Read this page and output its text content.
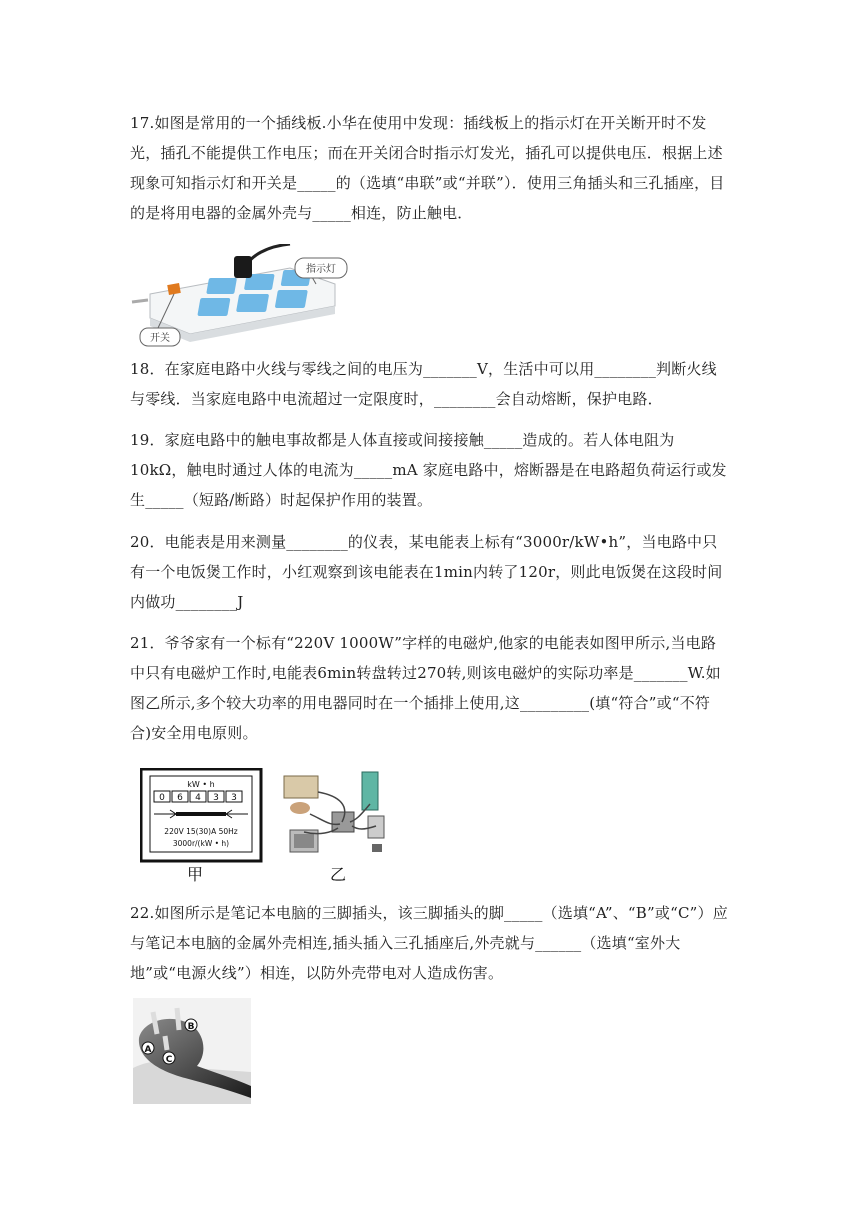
17.如图是常用的一个插线板.小华在使用中发现：插线板上的指示灯在开关断开时不发光，插孔不能提供工作电压；而在开关闭合时指示灯发光，插孔可以提供电压．根据上述现象可知指示灯和开关是_____的（选填“串联”或“并联”）．使用三角插头和三孔插座，目的是将用电器的金属外壳与_____相连，防止触电．
指示灯
开关
18．在家庭电路中火线与零线之间的电压为_______V，生活中可以用________判断火线与零线．当家庭电路中电流超过一定限度时，________会自动熔断，保护电路．
19．家庭电路中的触电事故都是人体直接或间接接触_____造成的。若人体电阻为10kΩ，触电时通过人体的电流为_____mA 家庭电路中，熔断器是在电路超负荷运行或发生_____（短路/断路）时起保护作用的装置。
20．电能表是用来测量________的仪表，某电能表上标有“3000r/kW•h”，当电路中只有一个电饭煲工作时，小红观察到该电能表在1min内转了120r，则此电饭煲在这段时间内做功________J
21．爷爷家有一个标有“220V 1000W”字样的电磁炉,他家的电能表如图甲所示,当电路中只有电磁炉工作时,电能表6min转盘转过270转,则该电磁炉的实际功率是_______W.如图乙所示,多个较大功率的用电器同时在一个插排上使用,这_________(填“符合”或“不符合)安全用电原则。
kW • h
0 6 4 3 3
220V 15(30)A 50Hz
3000r/(kW • h)
甲	乙
22.如图所示是笔记本电脑的三脚插头，该三脚插头的脚_____（选填“A”、“B”或“C”）应与笔记本电脑的金属外壳相连,插头插入三孔插座后,外壳就与______（选填“室外大地”或“电源火线”）相连，以防外壳带电对人造成伤害。
A
B
C
